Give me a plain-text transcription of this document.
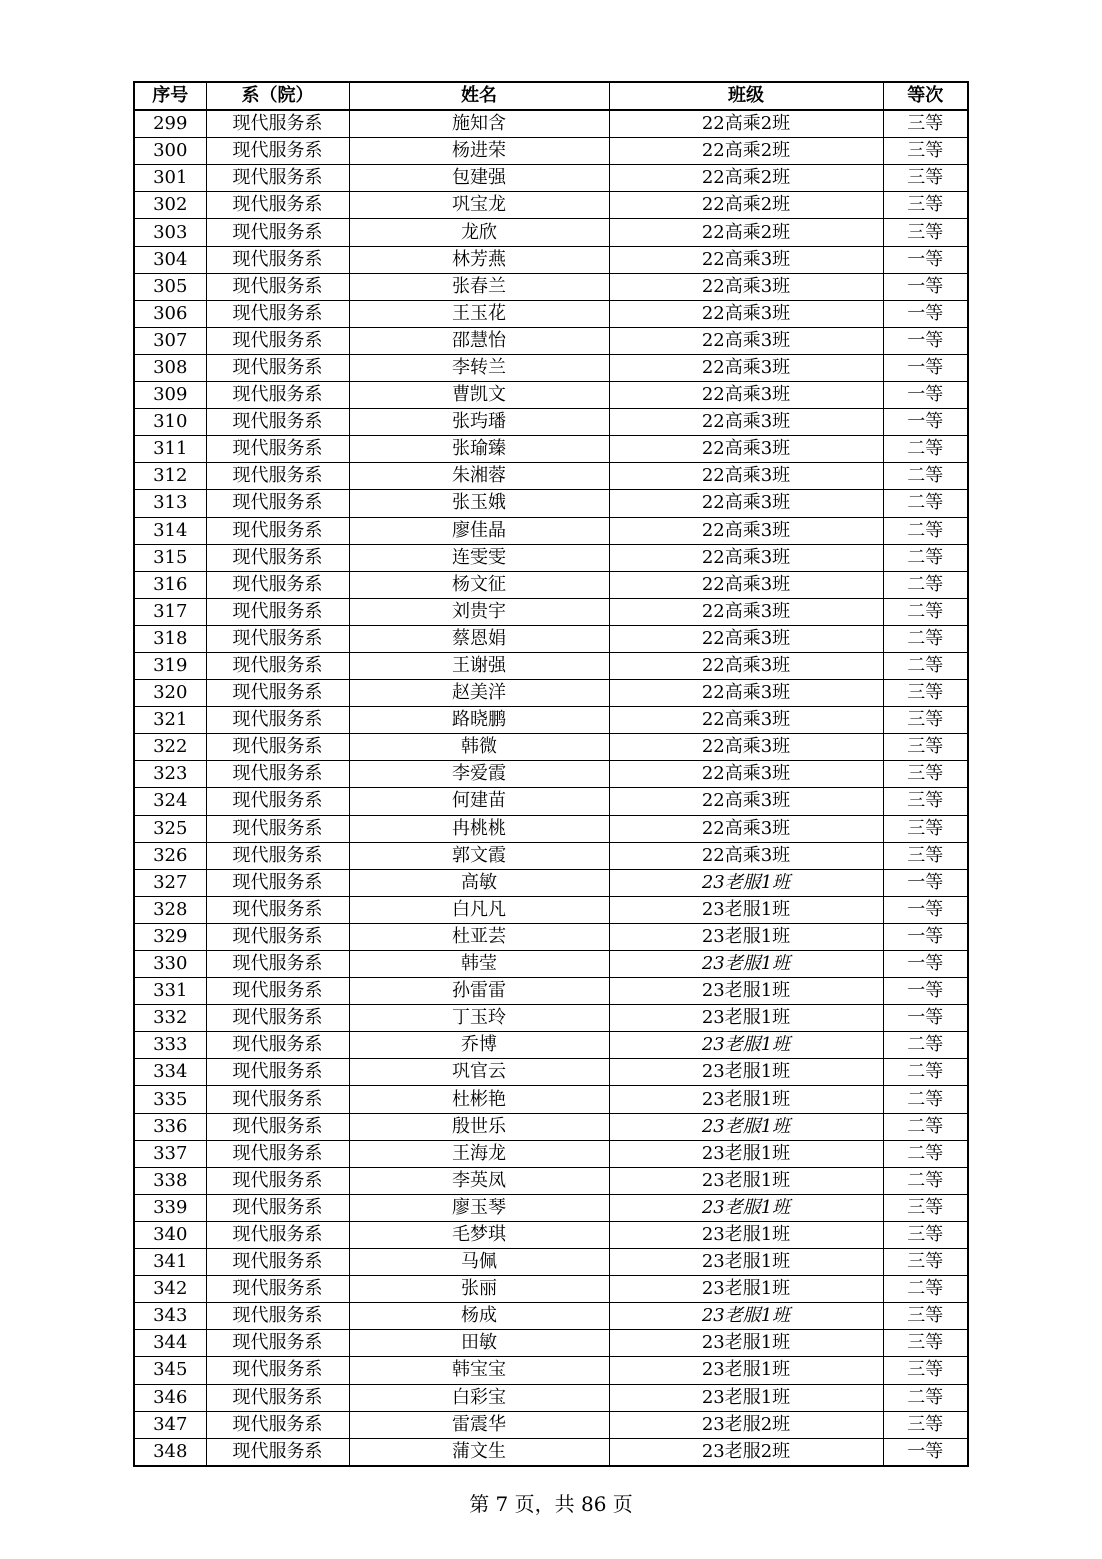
序号	系（院）	姓名	班级	等次
299	现代服务系	施知含	22高乘2班	三等
300	现代服务系	杨进荣	22高乘2班	三等
301	现代服务系	包建强	22高乘2班	三等
302	现代服务系	巩宝龙	22高乘2班	三等
303	现代服务系	龙欣	22高乘2班	三等
304	现代服务系	林芳燕	22高乘3班	一等
305	现代服务系	张春兰	22高乘3班	一等
306	现代服务系	王玉花	22高乘3班	一等
307	现代服务系	邵慧怡	22高乘3班	一等
308	现代服务系	李转兰	22高乘3班	一等
309	现代服务系	曹凯文	22高乘3班	一等
310	现代服务系	张玙璠	22高乘3班	一等
311	现代服务系	张瑜臻	22高乘3班	二等
312	现代服务系	朱湘蓉	22高乘3班	二等
313	现代服务系	张玉娥	22高乘3班	二等
314	现代服务系	廖佳晶	22高乘3班	二等
315	现代服务系	连雯雯	22高乘3班	二等
316	现代服务系	杨文征	22高乘3班	二等
317	现代服务系	刘贵宇	22高乘3班	二等
318	现代服务系	蔡恩娟	22高乘3班	二等
319	现代服务系	王谢强	22高乘3班	二等
320	现代服务系	赵美洋	22高乘3班	三等
321	现代服务系	路晓鹏	22高乘3班	三等
322	现代服务系	韩微	22高乘3班	三等
323	现代服务系	李爱霞	22高乘3班	三等
324	现代服务系	何建苗	22高乘3班	三等
325	现代服务系	冉桃桃	22高乘3班	三等
326	现代服务系	郭文霞	22高乘3班	三等
327	现代服务系	高敏	23老服1班	一等
328	现代服务系	白凡凡	23老服1班	一等
329	现代服务系	杜亚芸	23老服1班	一等
330	现代服务系	韩莹	23老服1班	一等
331	现代服务系	孙雷雷	23老服1班	一等
332	现代服务系	丁玉玲	23老服1班	一等
333	现代服务系	乔博	23老服1班	二等
334	现代服务系	巩官云	23老服1班	二等
335	现代服务系	杜彬艳	23老服1班	二等
336	现代服务系	殷世乐	23老服1班	二等
337	现代服务系	王海龙	23老服1班	二等
338	现代服务系	李英凤	23老服1班	二等
339	现代服务系	廖玉琴	23老服1班	三等
340	现代服务系	毛梦琪	23老服1班	三等
341	现代服务系	马佩	23老服1班	三等
342	现代服务系	张丽	23老服1班	二等
343	现代服务系	杨成	23老服1班	三等
344	现代服务系	田敏	23老服1班	三等
345	现代服务系	韩宝宝	23老服1班	三等
346	现代服务系	白彩宝	23老服1班	二等
347	现代服务系	雷震华	23老服2班	三等
348	现代服务系	蒲文生	23老服2班	一等
第 7 页，共 86 页
